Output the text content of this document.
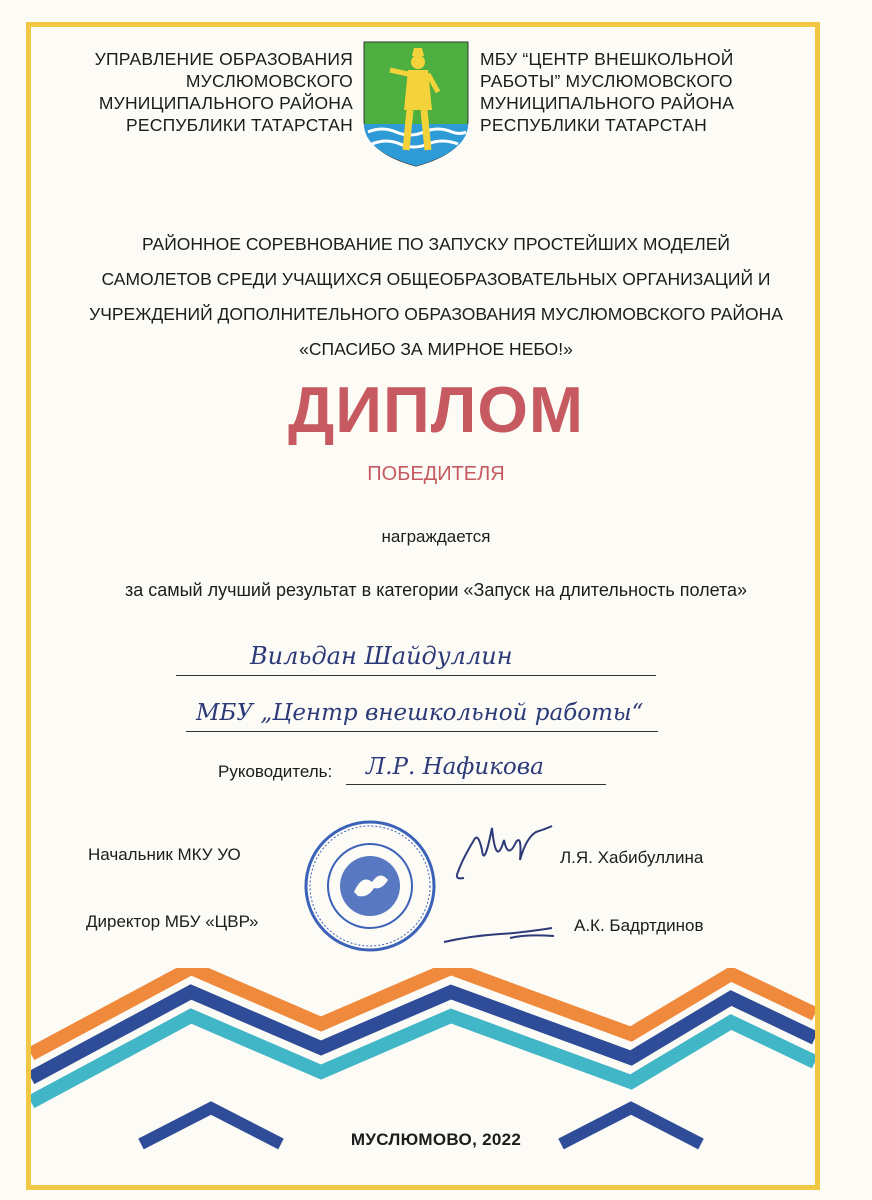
УПРАВЛЕНИЕ ОБРАЗОВАНИЯ
МУСЛЮМОВСКОГО
МУНИЦИПАЛЬНОГО РАЙОНА
РЕСПУБЛИКИ ТАТАРСТАН
МБУ “ЦЕНТР ВНЕШКОЛЬНОЙ
РАБОТЫ” МУСЛЮМОВСКОГО
МУНИЦИПАЛЬНОГО РАЙОНА
РЕСПУБЛИКИ ТАТАРСТАН
РАЙОННОЕ СОРЕВНОВАНИЕ ПО ЗАПУСКУ ПРОСТЕЙШИХ МОДЕЛЕЙ
САМОЛЕТОВ СРЕДИ УЧАЩИХСЯ ОБЩЕОБРАЗОВАТЕЛЬНЫХ ОРГАНИЗАЦИЙ И
УЧРЕЖДЕНИЙ ДОПОЛНИТЕЛЬНОГО ОБРАЗОВАНИЯ МУСЛЮМОВСКОГО РАЙОНА
«СПАСИБО ЗА МИРНОЕ НЕБО!»
ДИПЛОМ
ПОБЕДИТЕЛЯ
награждается
за самый лучший результат в категории «Запуск на длительность полета»
Вильдан Шайдуллин
МБУ „Центр внешкольной работы“
Руководитель: Л.Р. Нафикова
Начальник МКУ УО	Л.Я. Хабибуллина
Директор МБУ «ЦВР»	А.К. Бадртдинов
МУСЛЮМОВО, 2022
